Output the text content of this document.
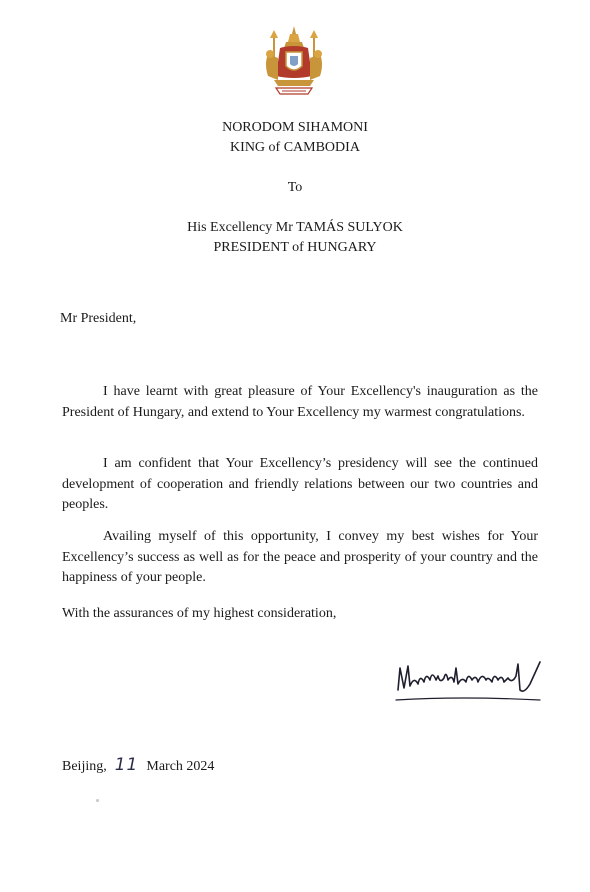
NORODOM SIHAMONI
KING of CAMBODIA
To
His Excellency Mr TAMÁS SULYOK
PRESIDENT of HUNGARY
Mr President,

I have learnt with great pleasure of Your Excellency's inauguration as the President of Hungary, and extend to Your Excellency my warmest congratulations.

I am confident that Your Excellency’s presidency will see the continued development of cooperation and friendly relations between our two countries and peoples.

Availing myself of this opportunity, I convey my best wishes for Your Excellency’s success as well as for the peace and prosperity of your country and the happiness of your people.

With the assurances of my highest consideration,
Beijing, 11 March 2024
